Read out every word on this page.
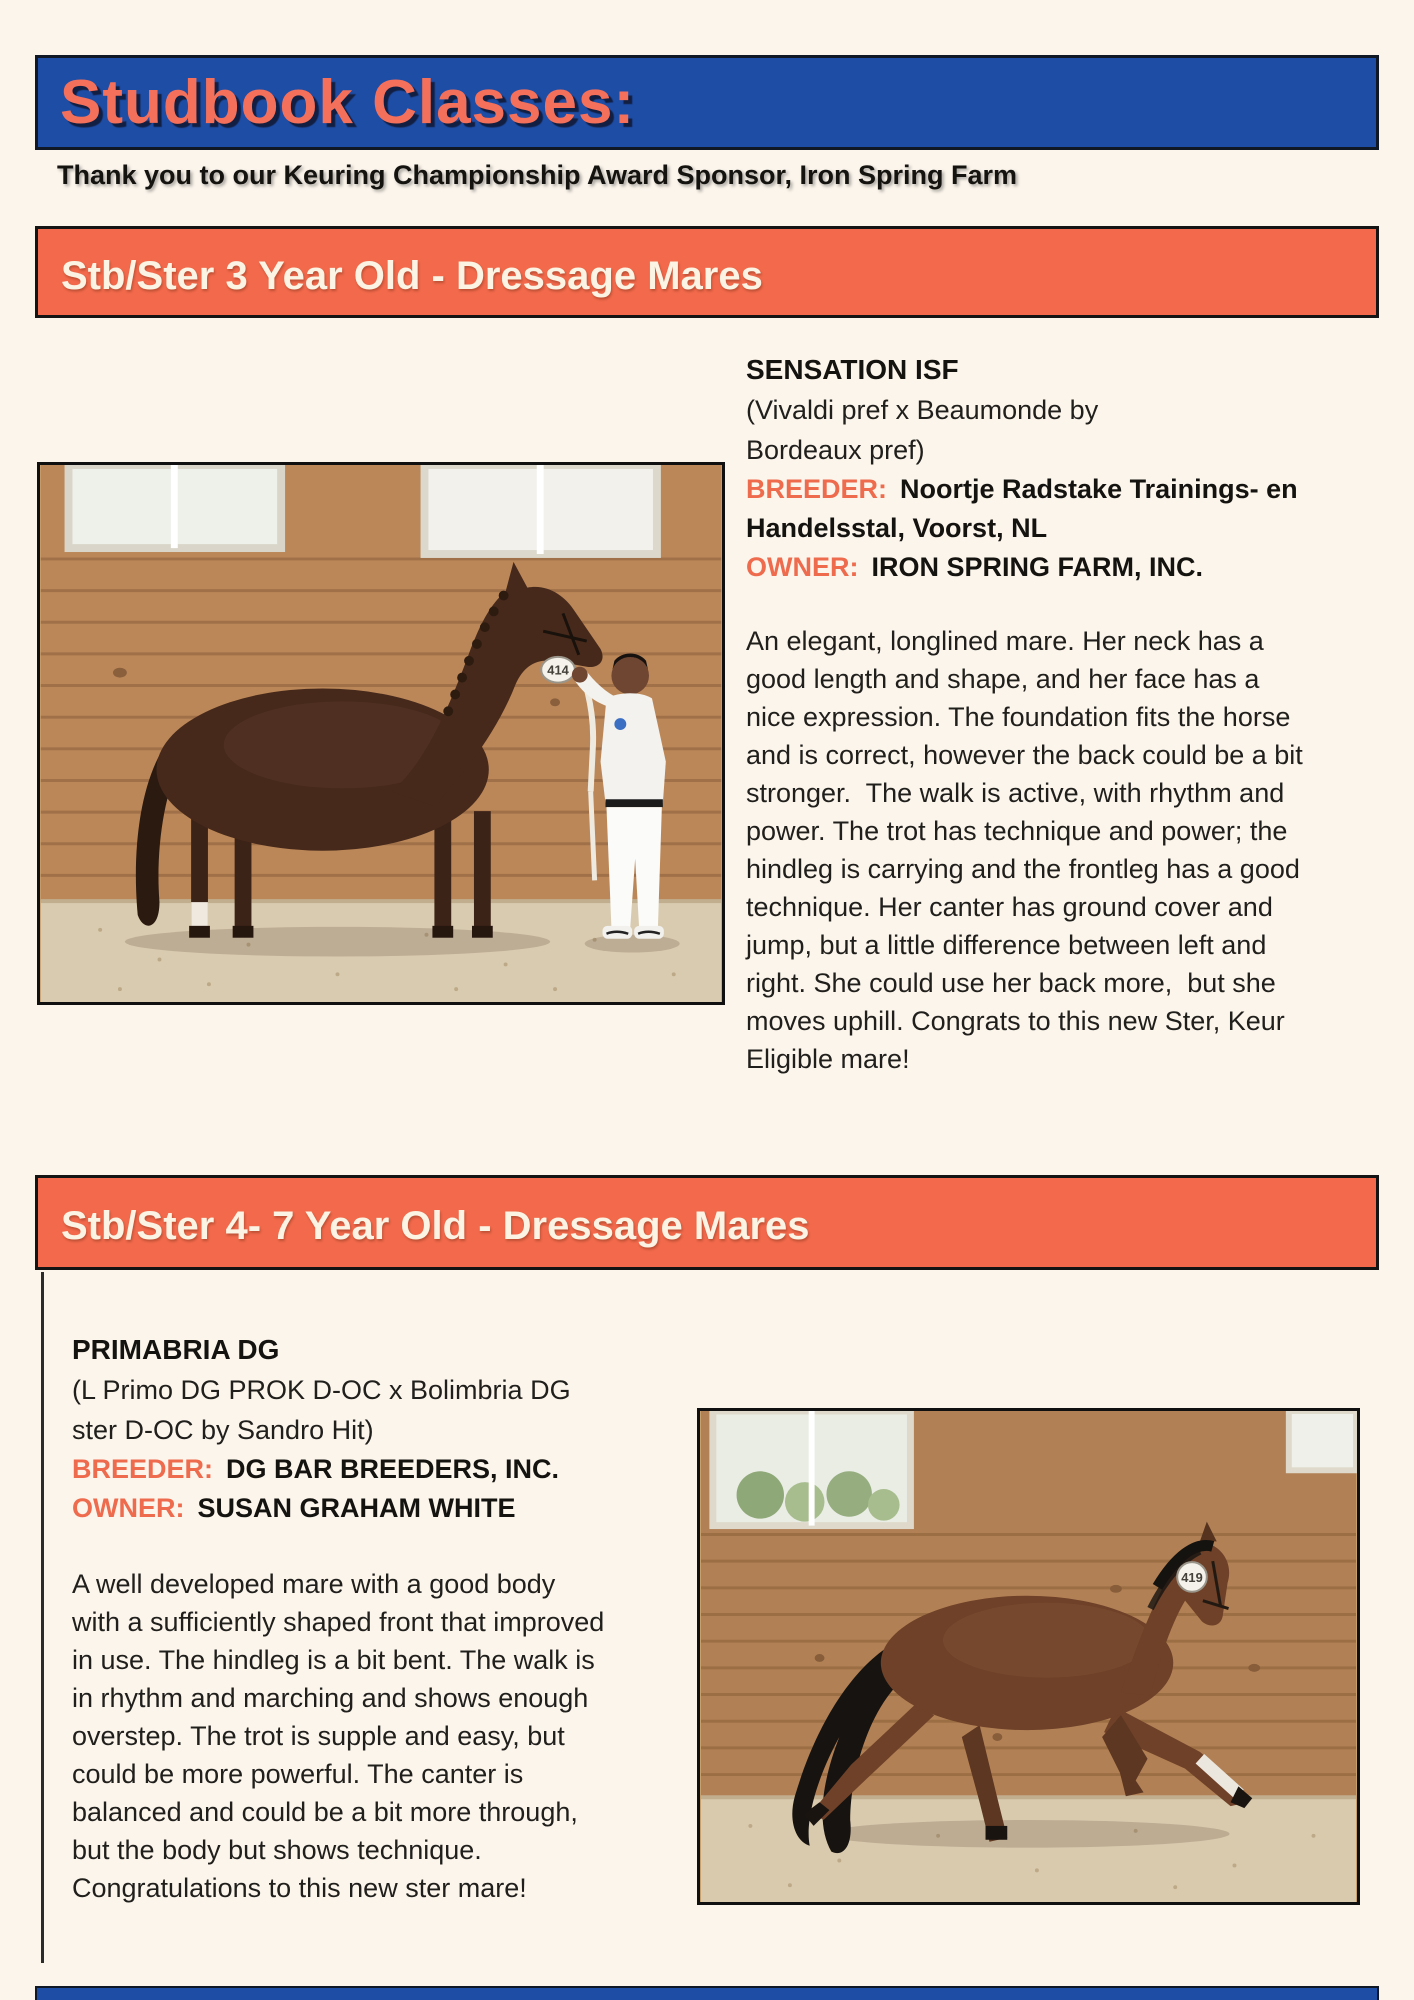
Studbook Classes:
Thank you to our Keuring Championship Award Sponsor, Iron Spring Farm
Stb/Ster 3 Year Old - Dressage Mares
414
SENSATION ISF
(Vivaldi pref x Beaumonde by
Bordeaux pref)
BREEDER: Noortje Radstake Trainings- en Handelsstal, Voorst, NL
OWNER: IRON SPRING FARM, INC.
An elegant, longlined mare. Her neck has a good length and shape, and her face has a nice expression. The foundation fits the horse and is correct, however the back could be a bit stronger.  The walk is active, with rhythm and power. The trot has technique and power; the hindleg is carrying and the frontleg has a good technique. Her canter has ground cover and jump, but a little difference between left and right. She could use her back more,  but she moves uphill. Congrats to this new Ster, Keur Eligible mare!
Stb/Ster 4- 7 Year Old - Dressage Mares
PRIMABRIA DG
(L Primo DG PROK D-OC x Bolimbria DG
ster D-OC by Sandro Hit)
BREEDER: DG BAR BREEDERS, INC.
OWNER: SUSAN GRAHAM WHITE
A well developed mare with a good body with a sufficiently shaped front that improved in use. The hindleg is a bit bent. The walk is in rhythm and marching and shows enough overstep. The trot is supple and easy, but could be more powerful. The canter is balanced and could be a bit more through, but the body but shows technique. Congratulations to this new ster mare!
419
